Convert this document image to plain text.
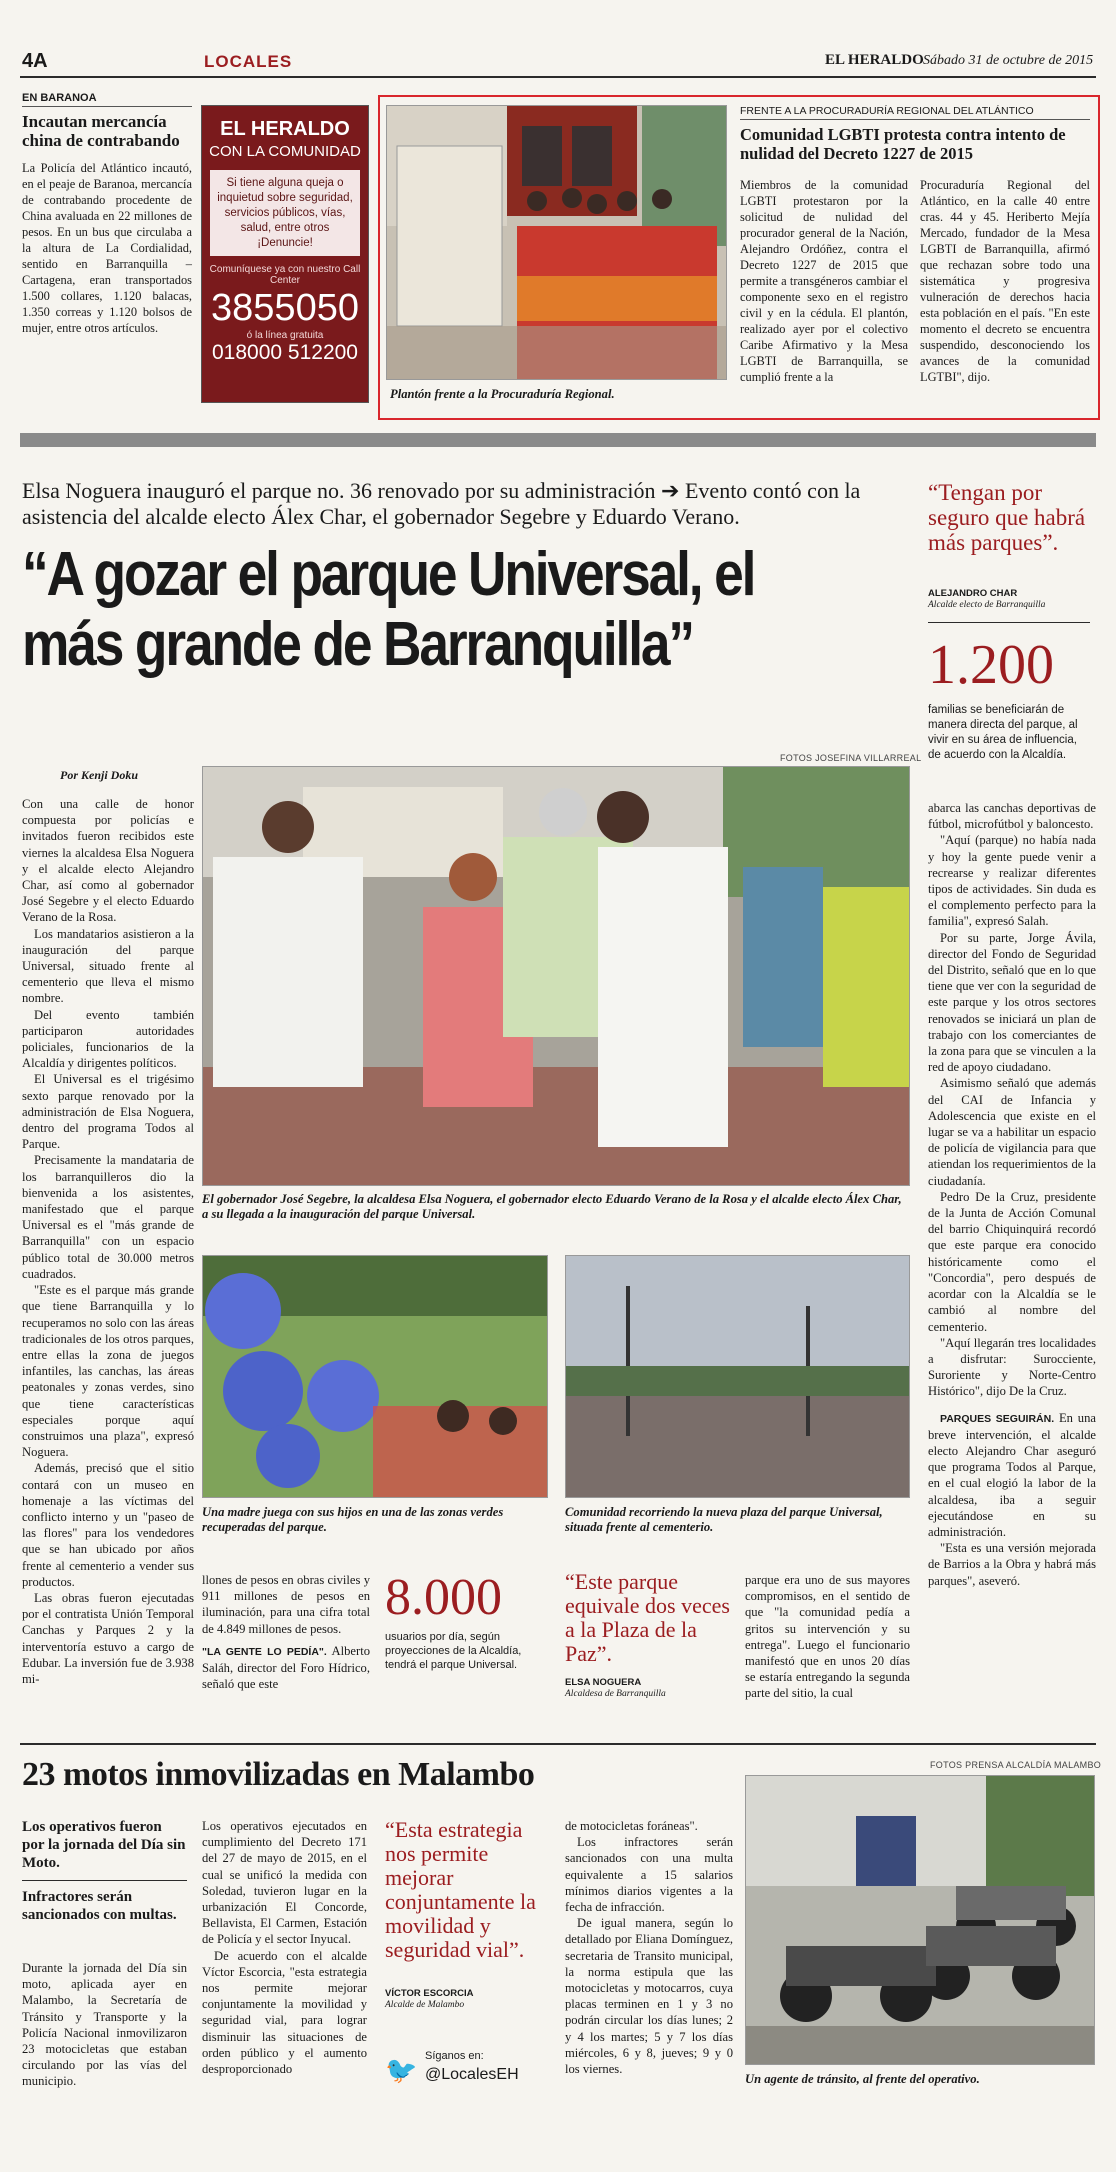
4A	LOCALES	EL HERALDO Sábado 31 de octubre de 2015
EN BARANOA
Incautan mercancía china de contrabando
La Policía del Atlántico incautó, en el peaje de Baranoa, mercancía de contrabando procedente de China avaluada en 22 millones de pesos. En un bus que circulaba a la altura de La Cordialidad, sentido en Barranquilla – Cartagena, eran transportados 1.500 collares, 1.120 balacas, 1.350 correas y 1.120 bolsos de mujer, entre otros artículos.
EL HERALDO
CON LA COMUNIDAD
Si tiene alguna queja o inquietud sobre seguridad, servicios públicos, vías, salud, entre otros ¡Denuncie!
Comuníquese ya con nuestro Call Center
3855050
ó la línea gratuita
018000 512200
Plantón frente a la Procuraduría Regional.
FRENTE A LA PROCURADURÍA REGIONAL DEL ATLÁNTICO
Comunidad LGBTI protesta contra intento de nulidad del Decreto 1227 de 2015
Miembros de la comunidad LGBTI protestaron por la solicitud de nulidad del procurador general de la Nación, Alejandro Ordóñez, contra el Decreto 1227 de 2015 que permite a transgéneros cambiar el componente sexo en el registro civil y en la cédula. El plantón, realizado ayer por el colectivo Caribe Afirmativo y la Mesa LGBTI de Barranquilla, se cumplió frente a la
Procuraduría Regional del Atlántico, en la calle 40 entre cras. 44 y 45. Heriberto Mejía Mercado, fundador de la Mesa LGBTI de Barranquilla, afirmó que rechazan sobre todo una sistemática y progresiva vulneración de derechos hacia esta población en el país. "En este momento el decreto se encuentra suspendido, desconociendo los avances de la comunidad LGTBI", dijo.
Elsa Noguera inauguró el parque no. 36 renovado por su administración ➔ Evento contó con la asistencia del alcalde electo Álex Char, el gobernador Segebre y Eduardo Verano.
“A gozar el parque Universal, el más grande de Barranquilla”
“Tengan por seguro que habrá más parques”.
ALEJANDRO CHAR
Alcalde electo de Barranquilla
1.200
familias se beneficiarán de manera directa del parque, al vivir en su área de influencia, de acuerdo con la Alcaldía.
Por Kenji Doku
FOTOS JOSEFINA VILLARREAL

Con una calle de honor compuesta por policías e invitados fueron recibidos este viernes la alcaldesa Elsa Noguera y el alcalde electo Alejandro Char, así como al gobernador José Segebre y el electo Eduardo Verano de la Rosa.

Los mandatarios asistieron a la inauguración del parque Universal, situado frente al cementerio que lleva el mismo nombre.

Del evento también participaron autoridades policiales, funcionarios de la Alcaldía y dirigentes políticos.

El Universal es el trigésimo sexto parque renovado por la administración de Elsa Noguera, dentro del programa Todos al Parque.

Precisamente la mandataria de los barranquilleros dio la bienvenida a los asistentes, manifestado que el parque Universal es el "más grande de Barranquilla" con un espacio público total de 30.000 metros cuadrados.

"Este es el parque más grande que tiene Barranquilla y lo recuperamos no solo con las áreas tradicionales de los otros parques, entre ellas la zona de juegos infantiles, las canchas, las áreas peatonales y zonas verdes, sino que tiene características especiales porque aquí construimos una plaza", expresó Noguera.

Además, precisó que el sitio contará con un museo en homenaje a las víctimas del conflicto interno y un "paseo de las flores" para los vendedores que se han ubicado por años frente al cementerio a vender sus productos.

Las obras fueron ejecutadas por el contratista Unión Temporal Canchas y Parques 2 y la interventoría estuvo a cargo de Edubar. La inversión fue de 3.938 mi-

El gobernador José Segebre, la alcaldesa Elsa Noguera, el gobernador electo Eduardo Verano de la Rosa y el alcalde electo Álex Char, a su llegada a la inauguración del parque Universal.
Una madre juega con sus hijos en una de las zonas verdes recuperadas del parque.
Comunidad recorriendo la nueva plaza del parque Universal, situada frente al cementerio.
llones de pesos en obras civiles y 911 millones de pesos en iluminación, para una cifra total de 4.849 millones de pesos.
"LA GENTE LO PEDÍA". Alberto Saláh, director del Foro Hídrico, señaló que este
8.000
usuarios por día, según proyecciones de la Alcaldía, tendrá el parque Universal.
“Este parque equivale dos veces a la Plaza de la Paz”.
ELSA NOGUERA
Alcaldesa de Barranquilla
parque era uno de sus mayores compromisos, en el sentido de que "la comunidad pedía a gritos su intervención y su entrega". Luego el funcionario manifestó que en unos 20 días se estaría entregando la segunda parte del sitio, la cual

abarca las canchas deportivas de fútbol, microfútbol y baloncesto.

"Aquí (parque) no había nada y hoy la gente puede venir a recrearse y realizar diferentes tipos de actividades. Sin duda es el complemento perfecto para la familia", expresó Salah.

Por su parte, Jorge Ávila, director del Fondo de Seguridad del Distrito, señaló que en lo que tiene que ver con la seguridad de este parque y los otros sectores renovados se iniciará un plan de trabajo con los comerciantes de la zona para que se vinculen a la red de apoyo ciudadano.

Asimismo señaló que además del CAI de Infancia y Adolescencia que existe en el lugar se va a habilitar un espacio de policía de vigilancia para que atiendan los requerimientos de la ciudadanía.

Pedro De la Cruz, presidente de la Junta de Acción Comunal del barrio Chiquinquirá recordó que este parque era conocido históricamente como el "Concordia", pero después de acordar con la Alcaldía se le cambió al nombre del cementerio.

"Aquí llegarán tres localidades a disfrutar: Surocciente, Suroriente y Norte-Centro Histórico", dijo De la Cruz.

PARQUES SEGUIRÁN. En una breve intervención, el alcalde electo Alejandro Char aseguró que programa Todos al Parque, en el cual elogió la labor de la alcaldesa, iba a seguir ejecutándose en su administración.

"Esta es una versión mejorada de Barrios a la Obra y habrá más parques", aseveró.

23 motos inmovilizadas en Malambo	FOTOS PRENSA ALCALDÍA MALAMBO
Los operativos fueron por la jornada del Día sin Moto.
Infractores serán sancionados con multas.
Durante la jornada del Día sin moto, aplicada ayer en Malambo, la Secretaría de Tránsito y Transporte y la Policía Nacional inmovilizaron 23 motocicletas que estaban circulando por las vías del municipio.

Los operativos ejecutados en cumplimiento del Decreto 171 del 27 de mayo de 2015, en el cual se unificó la medida con Soledad, tuvieron lugar en la urbanización El Concorde, Bellavista, El Carmen, Estación de Policía y el sector Inyucal.

De acuerdo con el alcalde Víctor Escorcia, "esta estrategia nos permite mejorar conjuntamente la movilidad y seguridad vial, para lograr disminuir las situaciones de orden público y el aumento desproporcionado

“Esta estrategia nos permite mejorar conjuntamente la movilidad y seguridad vial”.
VÍCTOR ESCORCIA
Alcalde de Malambo
🐦 Síganos en:
@LocalesEH
de motocicletas foráneas".

Los infractores serán sancionados con una multa equivalente a 15 salarios mínimos diarios vigentes a la fecha de infracción.

De igual manera, según lo detallado por Eliana Domínguez, secretaria de Transito municipal, la norma estipula que las motocicletas y motocarros, cuya placas terminen en 1 y 3 no podrán circular los días lunes; 2 y 4 los martes; 5 y 7 los días miércoles, 6 y 8, jueves; 9 y 0 los viernes.

Un agente de tránsito, al frente del operativo.
